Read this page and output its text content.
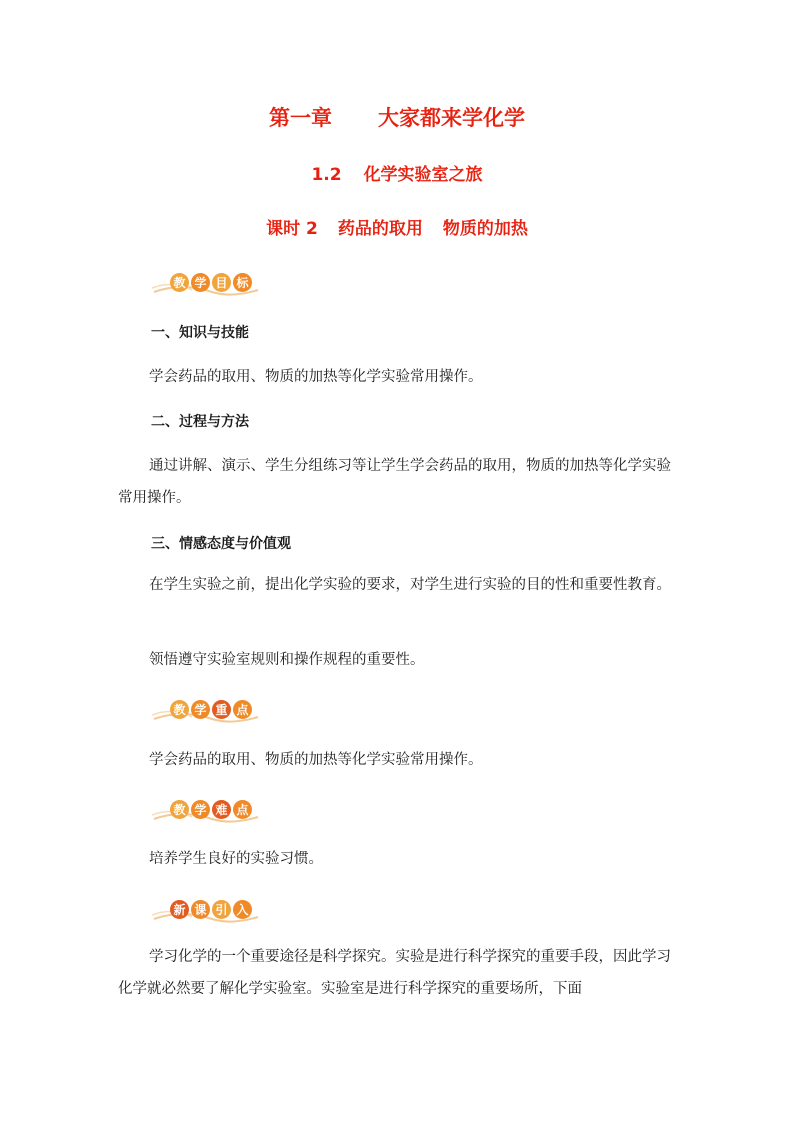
第一章 大家都来学化学
1.2 化学实验室之旅
课时 2 药品的取用 物质的加热
教 学 目 标
一、知识与技能
学会药品的取用、物质的加热等化学实验常用操作。
二、过程与方法
通过讲解、演示、学生分组练习等让学生学会药品的取用，物质的加热等化学实验常用操作。
三、情感态度与价值观
在学生实验之前，提出化学实验的要求，对学生进行实验的目的性和重要性教育。
领悟遵守实验室规则和操作规程的重要性。
教 学 重 点
学会药品的取用、物质的加热等化学实验常用操作。
教 学 难 点
培养学生良好的实验习惯。
新 课 引 入
学习化学的一个重要途径是科学探究。实验是进行科学探究的重要手段，因此学习化学就必然要了解化学实验室。实验室是进行科学探究的重要场所，下面
